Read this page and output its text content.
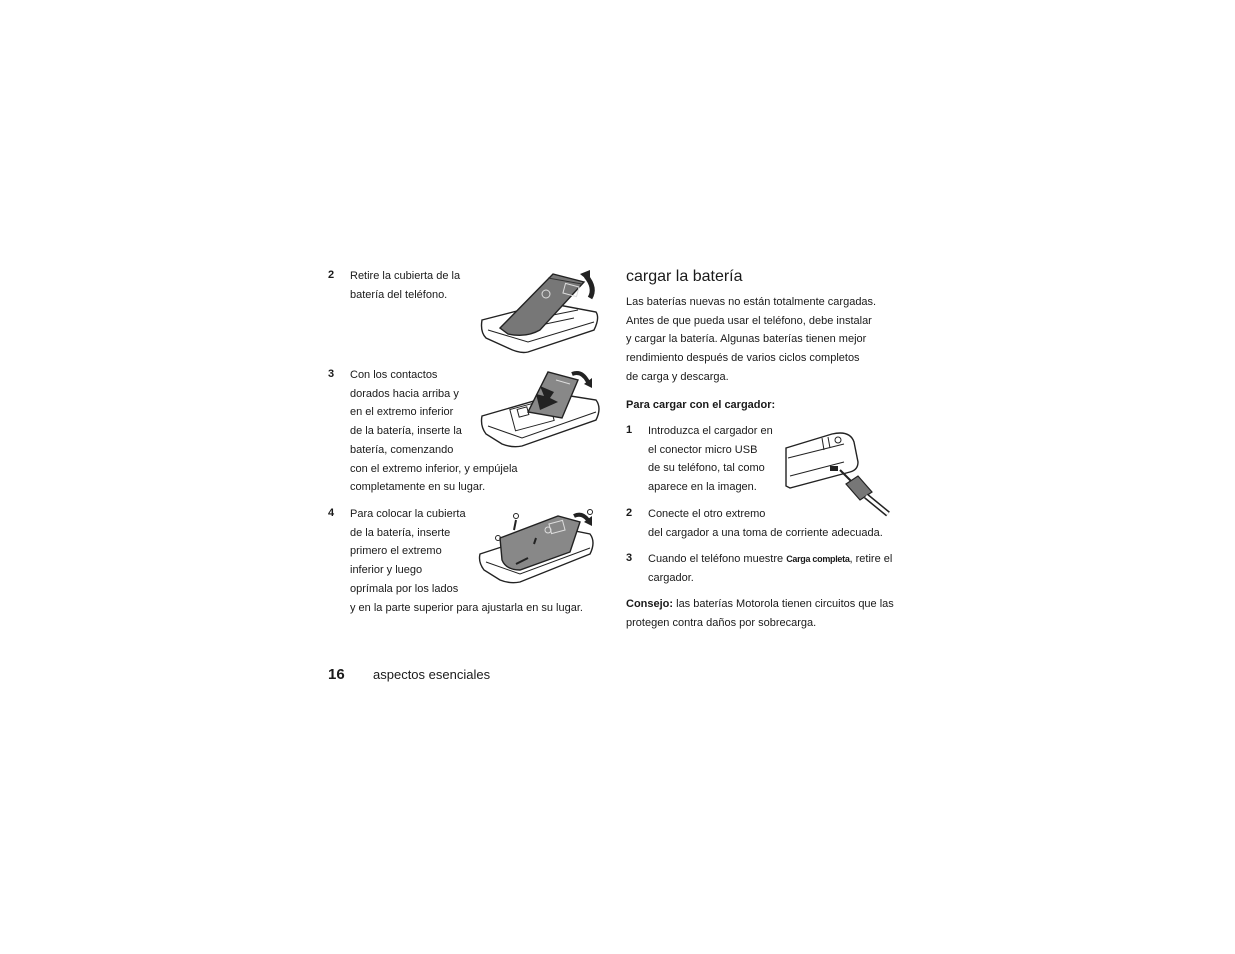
2 Retire la cubierta de la
batería del teléfono.
3 Con los contactos
dorados hacia arriba y
en el extremo inferior
de la batería, inserte la
batería, comenzando
con el extremo inferior, y empújela
completamente en su lugar.
4 Para colocar la cubierta
de la batería, inserte
primero el extremo
inferior y luego
oprímala por los lados
y en la parte superior para ajustarla en su lugar.
cargar la batería
Las baterías nuevas no están totalmente cargadas.
Antes de que pueda usar el teléfono, debe instalar
y cargar la batería. Algunas baterías tienen mejor
rendimiento después de varios ciclos completos
de carga y descarga.
Para cargar con el cargador:
1 Introduzca el cargador en
el conector micro USB
de su teléfono, tal como
aparece en la imagen.
2 Conecte el otro extremo
del cargador a una toma de corriente adecuada.
3 Cuando el teléfono muestre Carga completa, retire el
cargador.
Consejo: las baterías Motorola tienen circuitos que las
protegen contra daños por sobrecarga.
16 aspectos esenciales
